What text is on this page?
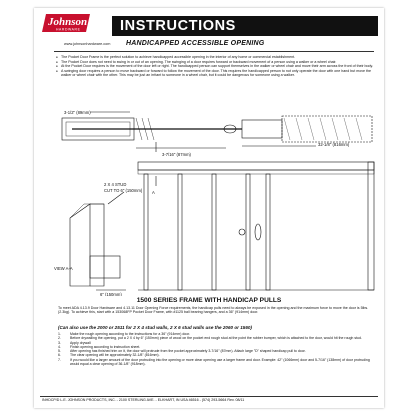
Johnson
HARDWARE
www.johnsonhardware.com
INSTRUCTIONS
HANDICAPPED ACCESSIBLE OPENING
● The Pocket Door Frame is the perfect solution to achieve handicapped accessible opening in the interior of any home or commercial establishment.
● The Pocket Door does not need to swing in or out of an opening. The swinging of a door requires forward or backward movement of a person using a walker or a wheel chair.
● At the Pocket Door requires is the movement of the door left or right. The handicapped person can support themselves in the walker or wheel chair and move their arm across the front of their body.
● A swinging door requires a person to move backward or forward to follow the movement of the door. This requires the handicapped person to not only operate the door with one hand but move the walker or wheel chair with the other. This may be just an irritant to someone in a wheel chair, but it could be dangerous for someone using a walker.
3-1/2" (89mm)
3-7/16" (87mm)
32-1/8" (816mm)
2 X 4 STUD
CUT TO 6" (150mm)
VIEW A-A
6" (150mm)
A
1500 SERIES FRAME WITH HANDICAP PULLS
To meet ADA 4.13.9 Door Hardware and 4.13.11 Door Opening Force requirements, the handicap pulls need to always be exposed in the opening and the maximum force to move the door is 5lbs. (2.3kg). To achieve this, start with a 153068FP Pocket Door Frame, with #1125 ball bearing hangers, and a 36" (914mm) door.
(Can also use the 2000 or 2511 for 2 X 4 stud walls, 2 X 6 stud walls use the 2060 or 1560)
1.	Make the rough opening according to the instructions for a 36" (914mm) door.
2.	Before drywalling the opening, put a 2 X 4 by 6" (150mm) piece of wood on the pocket end rough stud at the point the rubber bumper, which is attached to the door, would hit the rough stud.
3.	Apply drywall
4.	Finish opening according to instruction sheet.
5.	After opening has finished trim on it, the door will protrude from the pocket approximately 3-7/16" (87mm). Attach large "D" shaped handicap pull to door.
6.	The clear opening will be approximately 32-1/8" (816mm).
7.	If you would like a larger amount of the door protruding into the opening or more clear opening use a larger frame and door. Example: 42" (1066mm) door and 5-7/16" (138mm) of door protruding would equal a clear opening of 36-1/8" (918mm).
INHDCP/D L.E. JOHNSON PRODUCTS, INC. - 2100 STERLING AVE. - ELKHART, IN USA 46516 - (574) 293-5664 Rev. 08/11
